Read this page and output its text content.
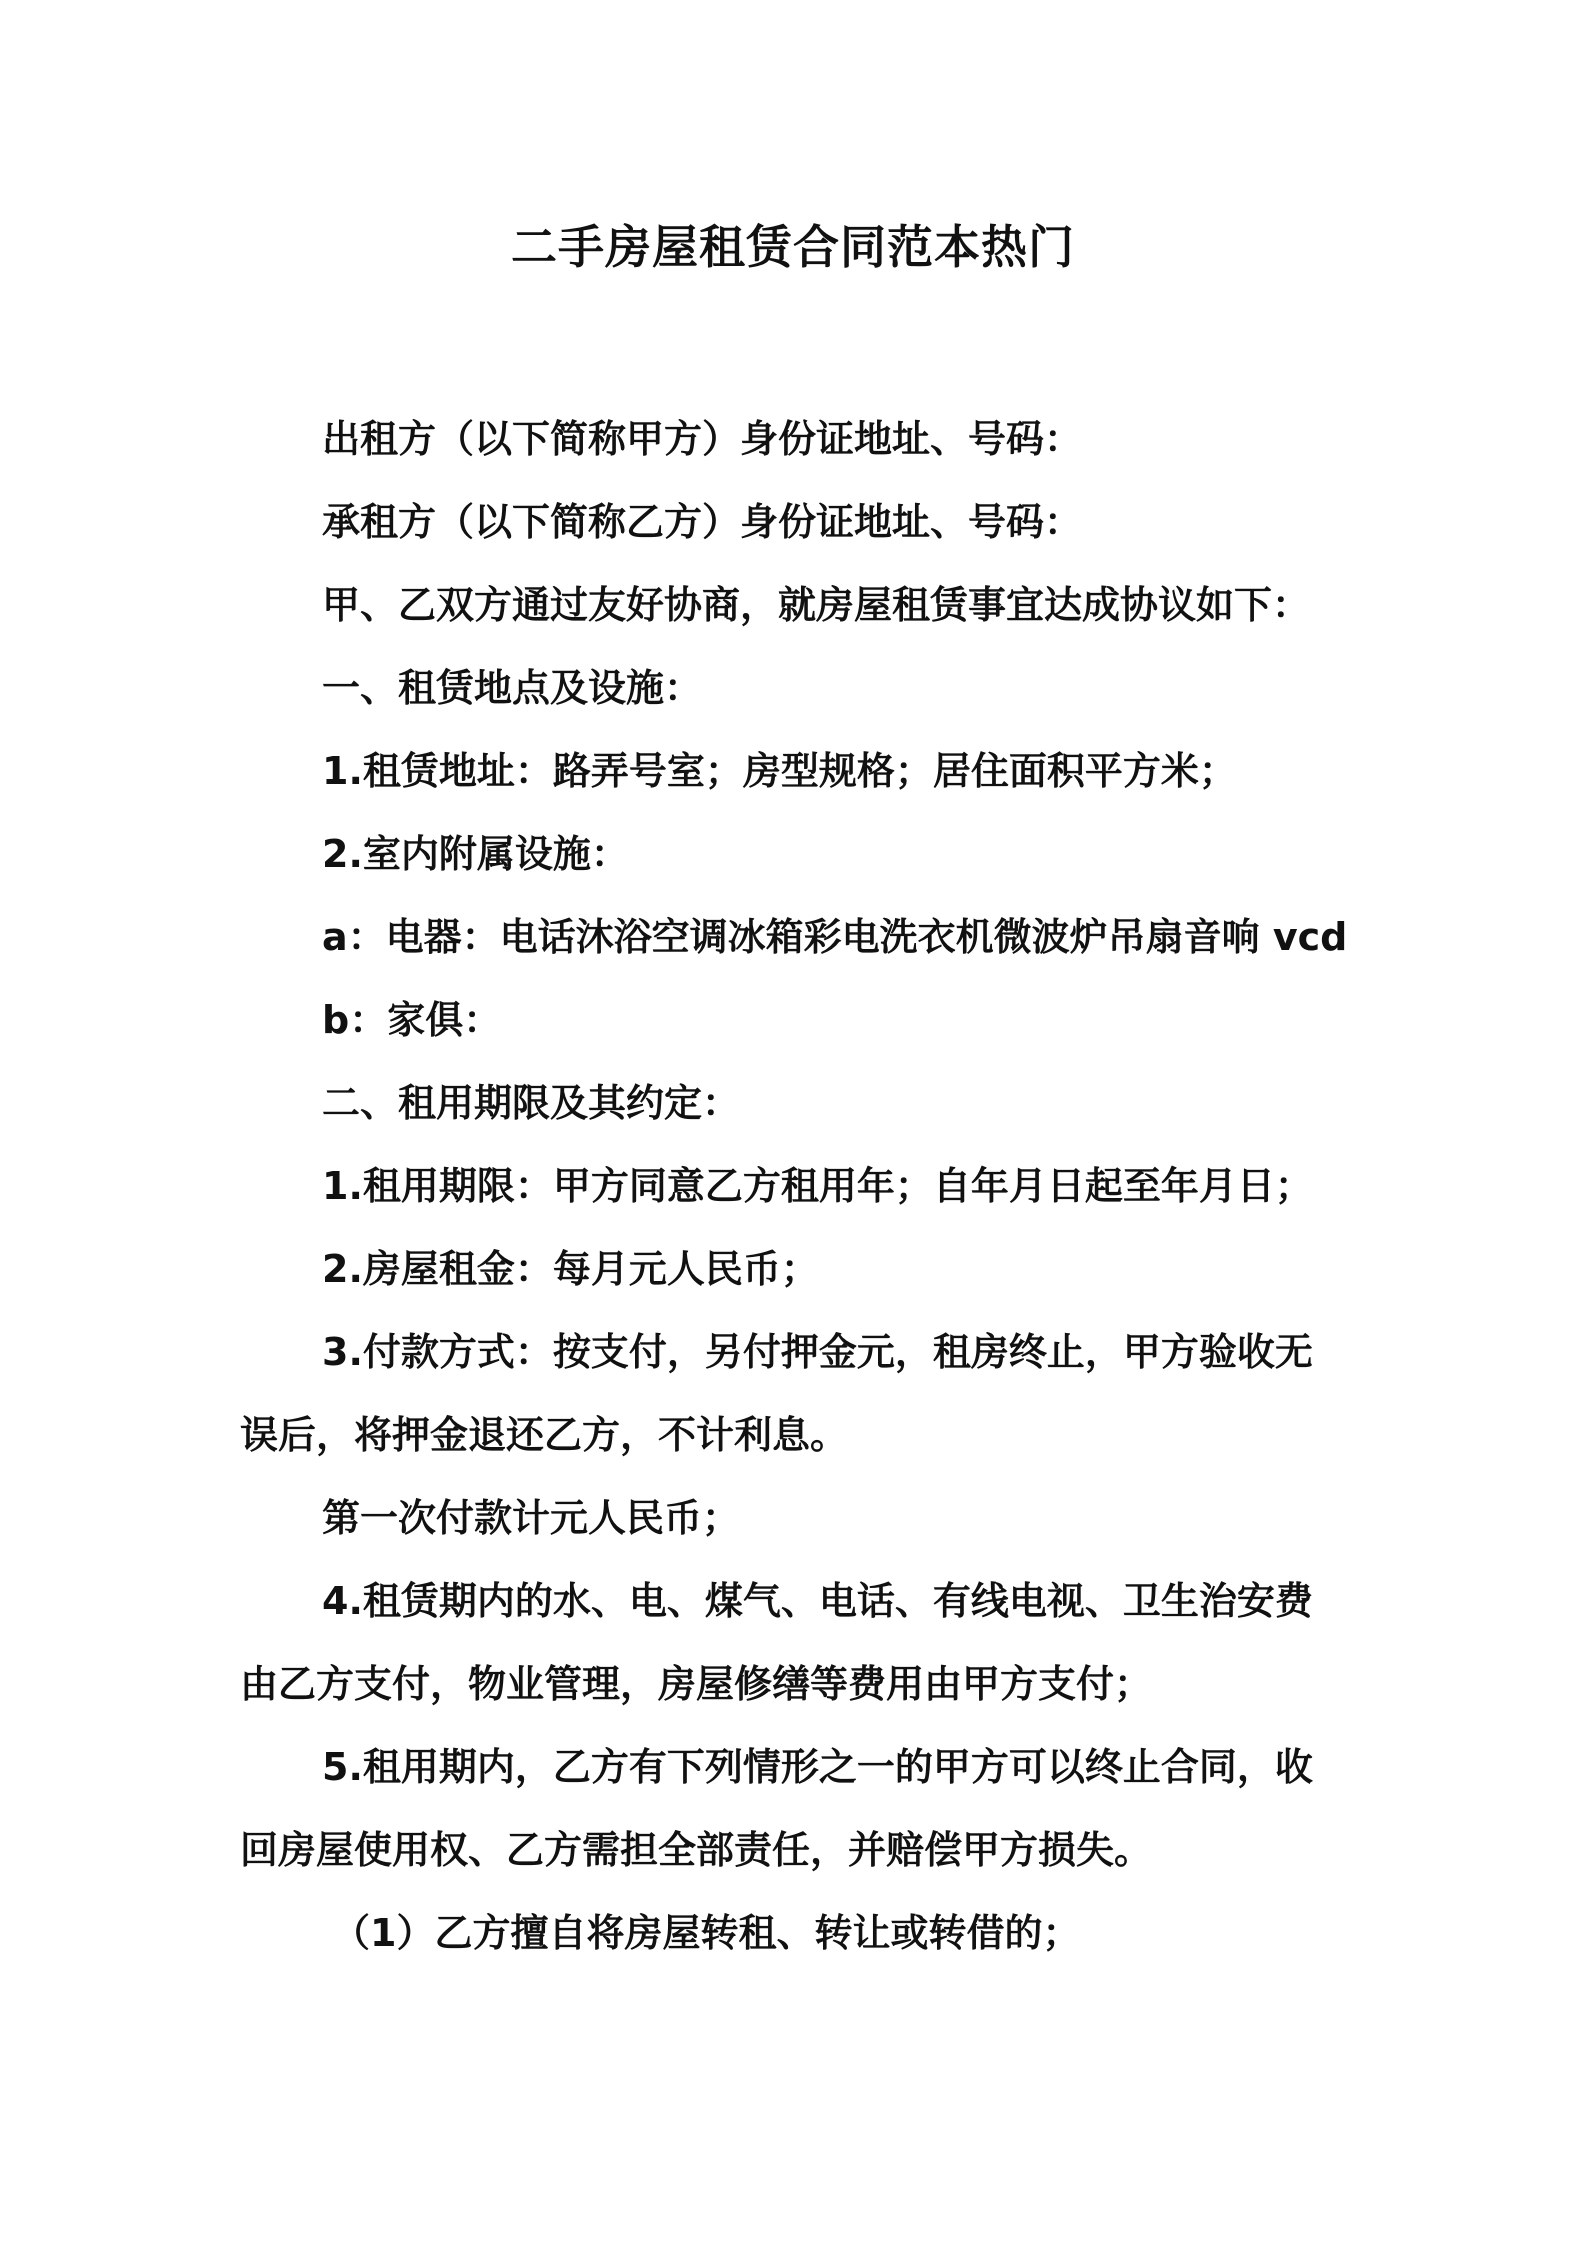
二手房屋租赁合同范本热门

出租方（以下简称甲方）身份证地址、号码：

承租方（以下简称乙方）身份证地址、号码：

甲、乙双方通过友好协商，就房屋租赁事宜达成协议如下：

一、租赁地点及设施：

1.租赁地址：路弄号室；房型规格；居住面积平方米；

2.室内附属设施：

a：电器：电话沐浴空调冰箱彩电洗衣机微波炉吊扇音响 vcd

b：家俱：

二、租用期限及其约定：

1.租用期限：甲方同意乙方租用年；自年月日起至年月日；

2.房屋租金：每月元人民币；

3.付款方式：按支付，另付押金元，租房终止，甲方验收无

误后，将押金退还乙方，不计利息。

第一次付款计元人民币；

4.租赁期内的水、电、煤气、电话、有线电视、卫生治安费

由乙方支付，物业管理，房屋修缮等费用由甲方支付；

5.租用期内，乙方有下列情形之一的甲方可以终止合同，收

回房屋使用权、乙方需担全部责任，并赔偿甲方损失。

（1）乙方擅自将房屋转租、转让或转借的；
